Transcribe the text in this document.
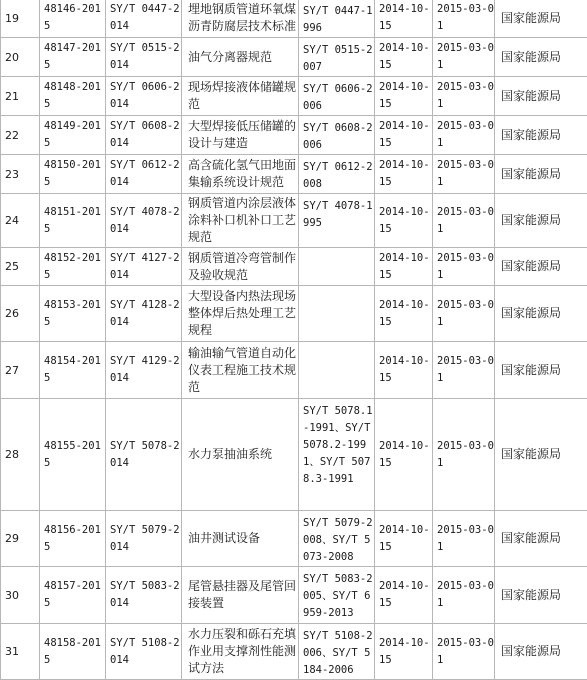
19	48146-2015	SY/T 0447-2014	埋地钢质管道环氧煤沥青防腐层技术标准	SY/T 0447-1996	2014-10-15	2015-03-01	国家能源局
20	48147-2015	SY/T 0515-2014	油气分离器规范	SY/T 0515-2007	2014-10-15	2015-03-01	国家能源局
21	48148-2015	SY/T 0606-2014	现场焊接液体储罐规范	SY/T 0606-2006	2014-10-15	2015-03-01	国家能源局
22	48149-2015	SY/T 0608-2014	大型焊接低压储罐的设计与建造	SY/T 0608-2006	2014-10-15	2015-03-01	国家能源局
23	48150-2015	SY/T 0612-2014	高含硫化氢气田地面集输系统设计规范	SY/T 0612-2008	2014-10-15	2015-03-01	国家能源局
24	48151-2015	SY/T 4078-2014	钢质管道内涂层液体涂料补口机补口工艺规范	SY/T 4078-1995	2014-10-15	2015-03-01	国家能源局
25	48152-2015	SY/T 4127-2014	钢质管道冷弯管制作及验收规范		2014-10-15	2015-03-01	国家能源局
26	48153-2015	SY/T 4128-2014	大型设备内热法现场整体焊后热处理工艺规程		2014-10-15	2015-03-01	国家能源局
27	48154-2015	SY/T 4129-2014	输油输气管道自动化仪表工程施工技术规范		2014-10-15	2015-03-01	国家能源局
28	48155-2015	SY/T 5078-2014	水力泵抽油系统	SY/T 5078.1-1991、SY/T 5078.2-1991、SY/T 5078.3-1991	2014-10-15	2015-03-01	国家能源局
29	48156-2015	SY/T 5079-2014	油井测试设备	SY/T 5079-2008、SY/T 5073-2008	2014-10-15	2015-03-01	国家能源局
30	48157-2015	SY/T 5083-2014	尾管悬挂器及尾管回接装置	SY/T 5083-2005、SY/T 6959-2013	2014-10-15	2015-03-01	国家能源局
31	48158-2015	SY/T 5108-2014	水力压裂和砾石充填作业用支撑剂性能测试方法	SY/T 5108-2006、SY/T 5184-2006	2014-10-15	2015-03-01	国家能源局
